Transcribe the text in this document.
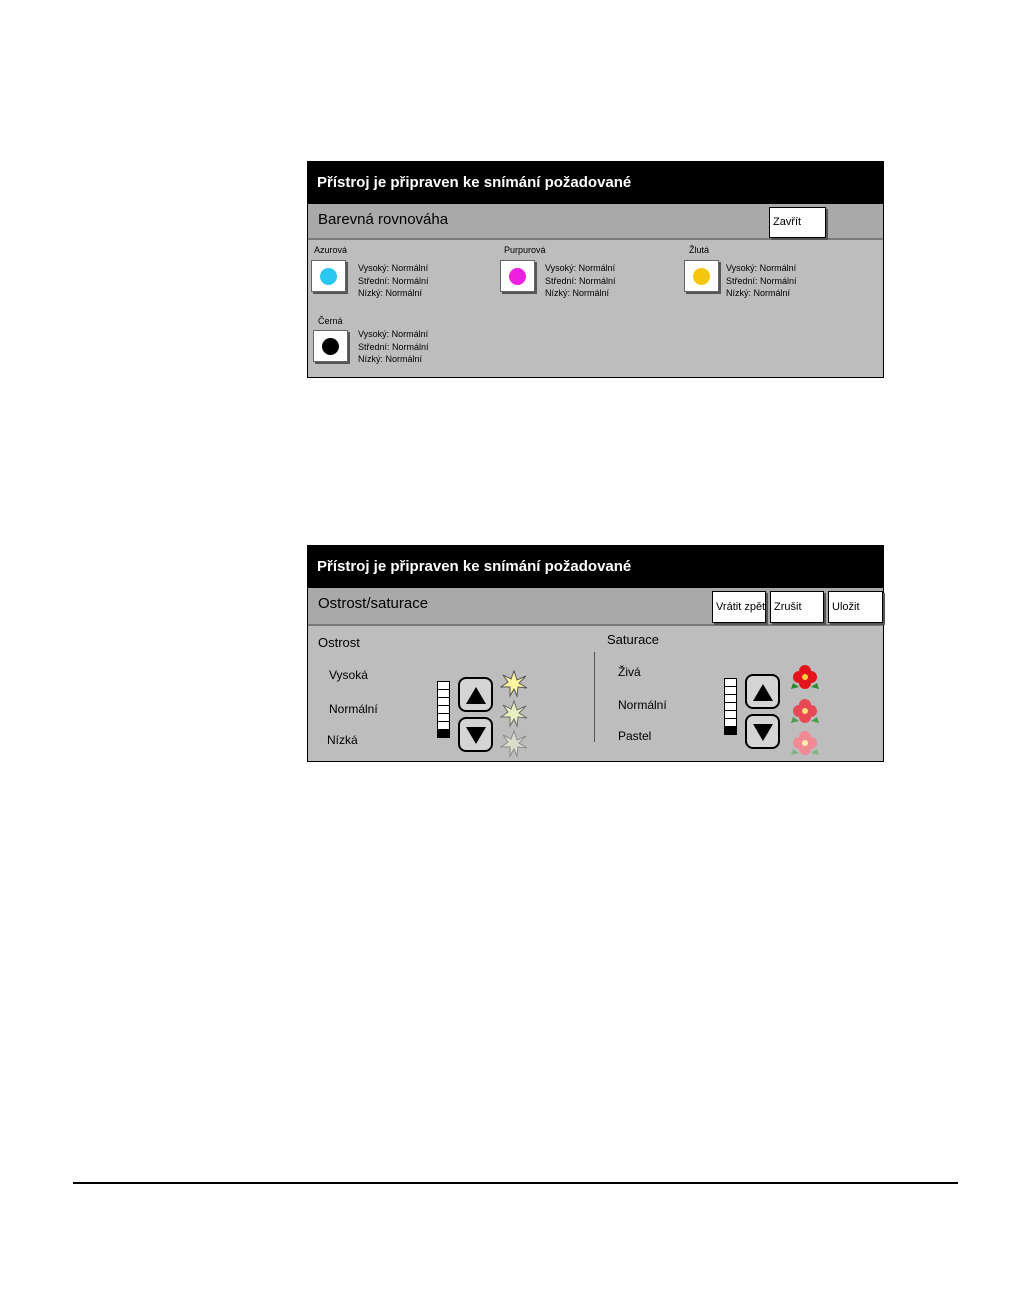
Přístroj je připraven ke snímání požadované
Barevná rovnováha	Zavřít
Azurová
Vysoký: Normální
Střední: Normální
Nízký: Normální
Purpurová
Vysoký: Normální
Střední: Normální
Nízký: Normální
Žlutá
Vysoký: Normální
Střední: Normální
Nízký: Normální
Černá
Vysoký: Normální
Střední: Normální
Nízký: Normální
Přístroj je připraven ke snímání požadované
Ostrost/saturace	Vrátit zpět Zrušit	Uložit
Ostrost
Vysoká
Normální
Nízká
Saturace
Živá
Normální
Pastel
